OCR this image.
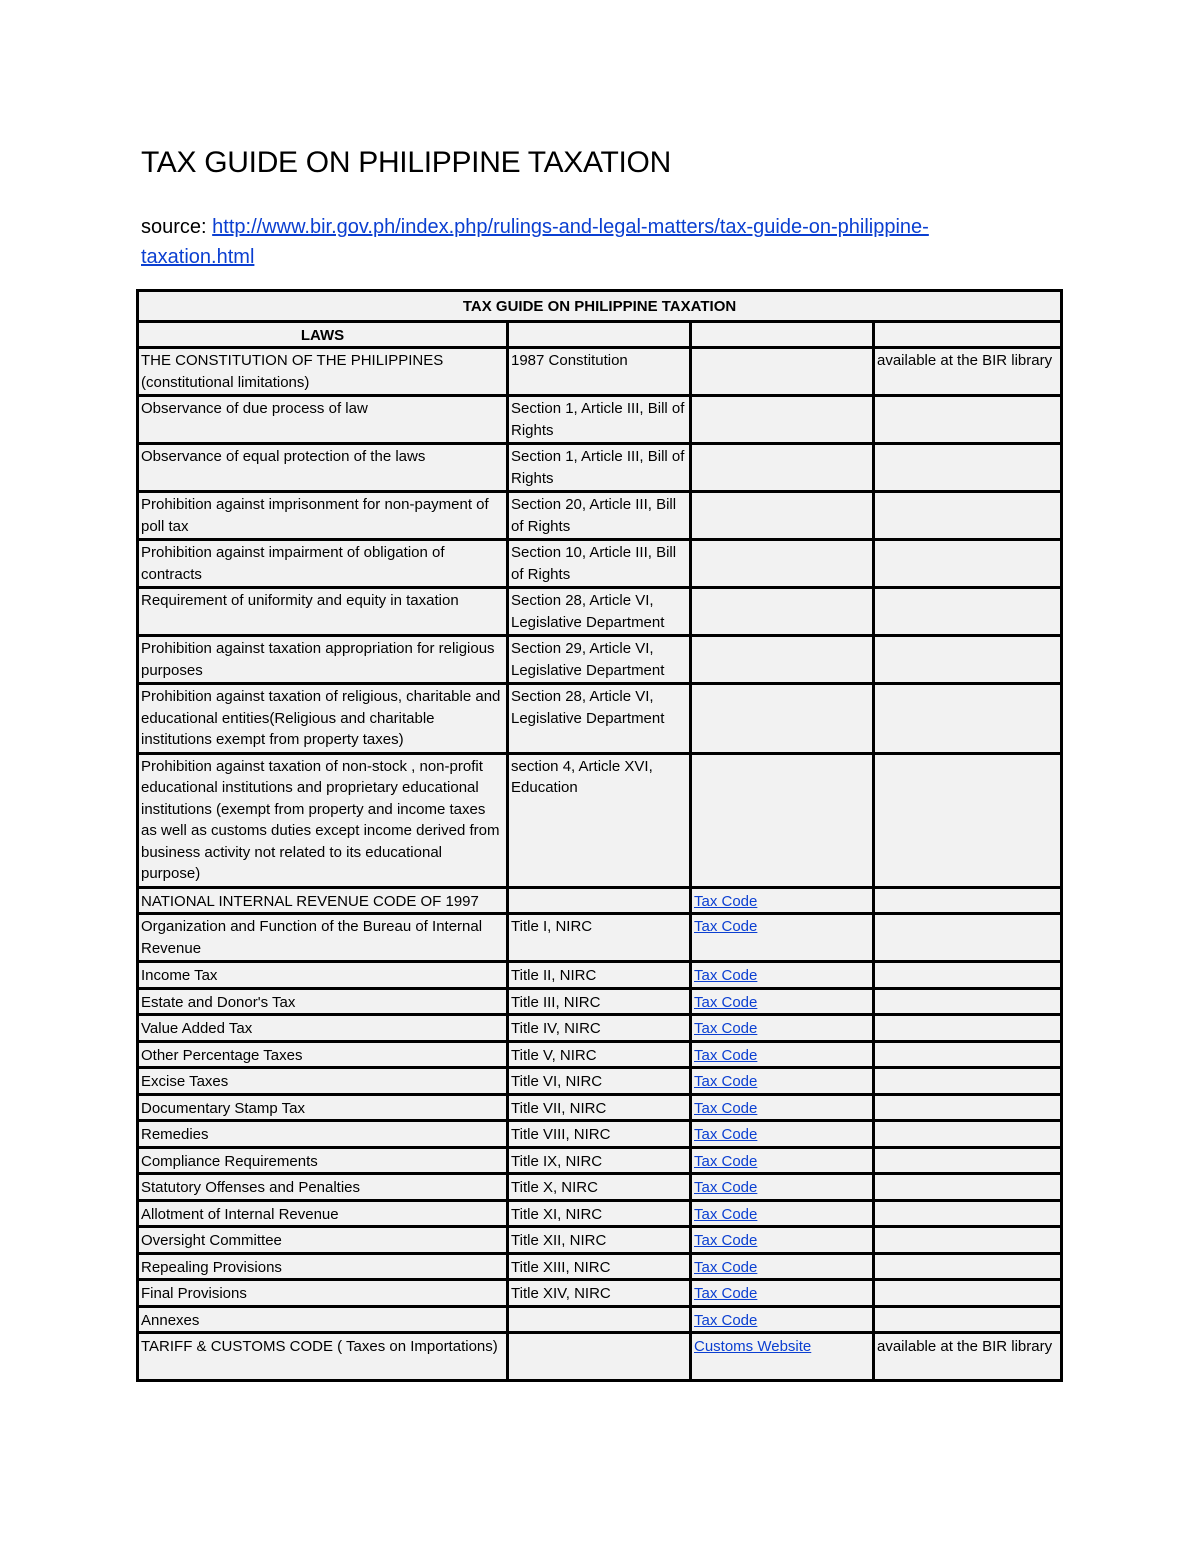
TAX GUIDE ON PHILIPPINE TAXATION
source: http://www.bir.gov.ph/index.php/rulings-and-legal-matters/tax-guide-on-philippine-taxation.html
TAX GUIDE ON PHILIPPINE TAXATION			
LAWS			
THE CONSTITUTION OF THE PHILIPPINES (constitutional limitations)	1987 Constitution		available at the BIR library
Observance of due process of law	Section 1, Article III, Bill of Rights		
Observance of equal protection of the laws	Section 1, Article III, Bill of Rights		
Prohibition against imprisonment for non-payment of poll tax	Section 20, Article III, Bill of Rights		
Prohibition against impairment of obligation of contracts	Section 10, Article III, Bill of Rights		
Requirement of uniformity and equity in taxation	Section 28, Article VI, Legislative Department		
Prohibition against taxation appropriation for religious purposes	Section 29, Article VI, Legislative Department		
Prohibition against taxation of religious, charitable and educational entities(Religious and charitable institutions exempt from property taxes)	Section 28, Article VI, Legislative Department		
Prohibition against taxation of non-stock , non-profit educational institutions and proprietary educational institutions (exempt from property and income taxes as well as customs duties except income derived from business activity not related to its educational purpose)	section 4, Article XVI, Education		
NATIONAL INTERNAL REVENUE CODE OF 1997		Tax Code	
Organization and Function of the Bureau of Internal Revenue	Title I, NIRC	Tax Code	
Income Tax	Title II, NIRC	Tax Code	
Estate and Donor's Tax	Title III, NIRC	Tax Code	
Value Added Tax	Title IV, NIRC	Tax Code	
Other Percentage Taxes	Title V, NIRC	Tax Code	
Excise Taxes	Title VI, NIRC	Tax Code	
Documentary Stamp Tax	Title VII, NIRC	Tax Code	
Remedies	Title VIII, NIRC	Tax Code	
Compliance Requirements	Title IX, NIRC	Tax Code	
Statutory Offenses and Penalties	Title X, NIRC	Tax Code	
Allotment of Internal Revenue	Title XI, NIRC	Tax Code	
Oversight Committee	Title XII, NIRC	Tax Code	
Repealing Provisions	Title XIII, NIRC	Tax Code	
Final Provisions	Title XIV, NIRC	Tax Code	
Annexes		Tax Code	
TARIFF & CUSTOMS CODE ( Taxes on Importations)		Customs Website	available at the BIR library
